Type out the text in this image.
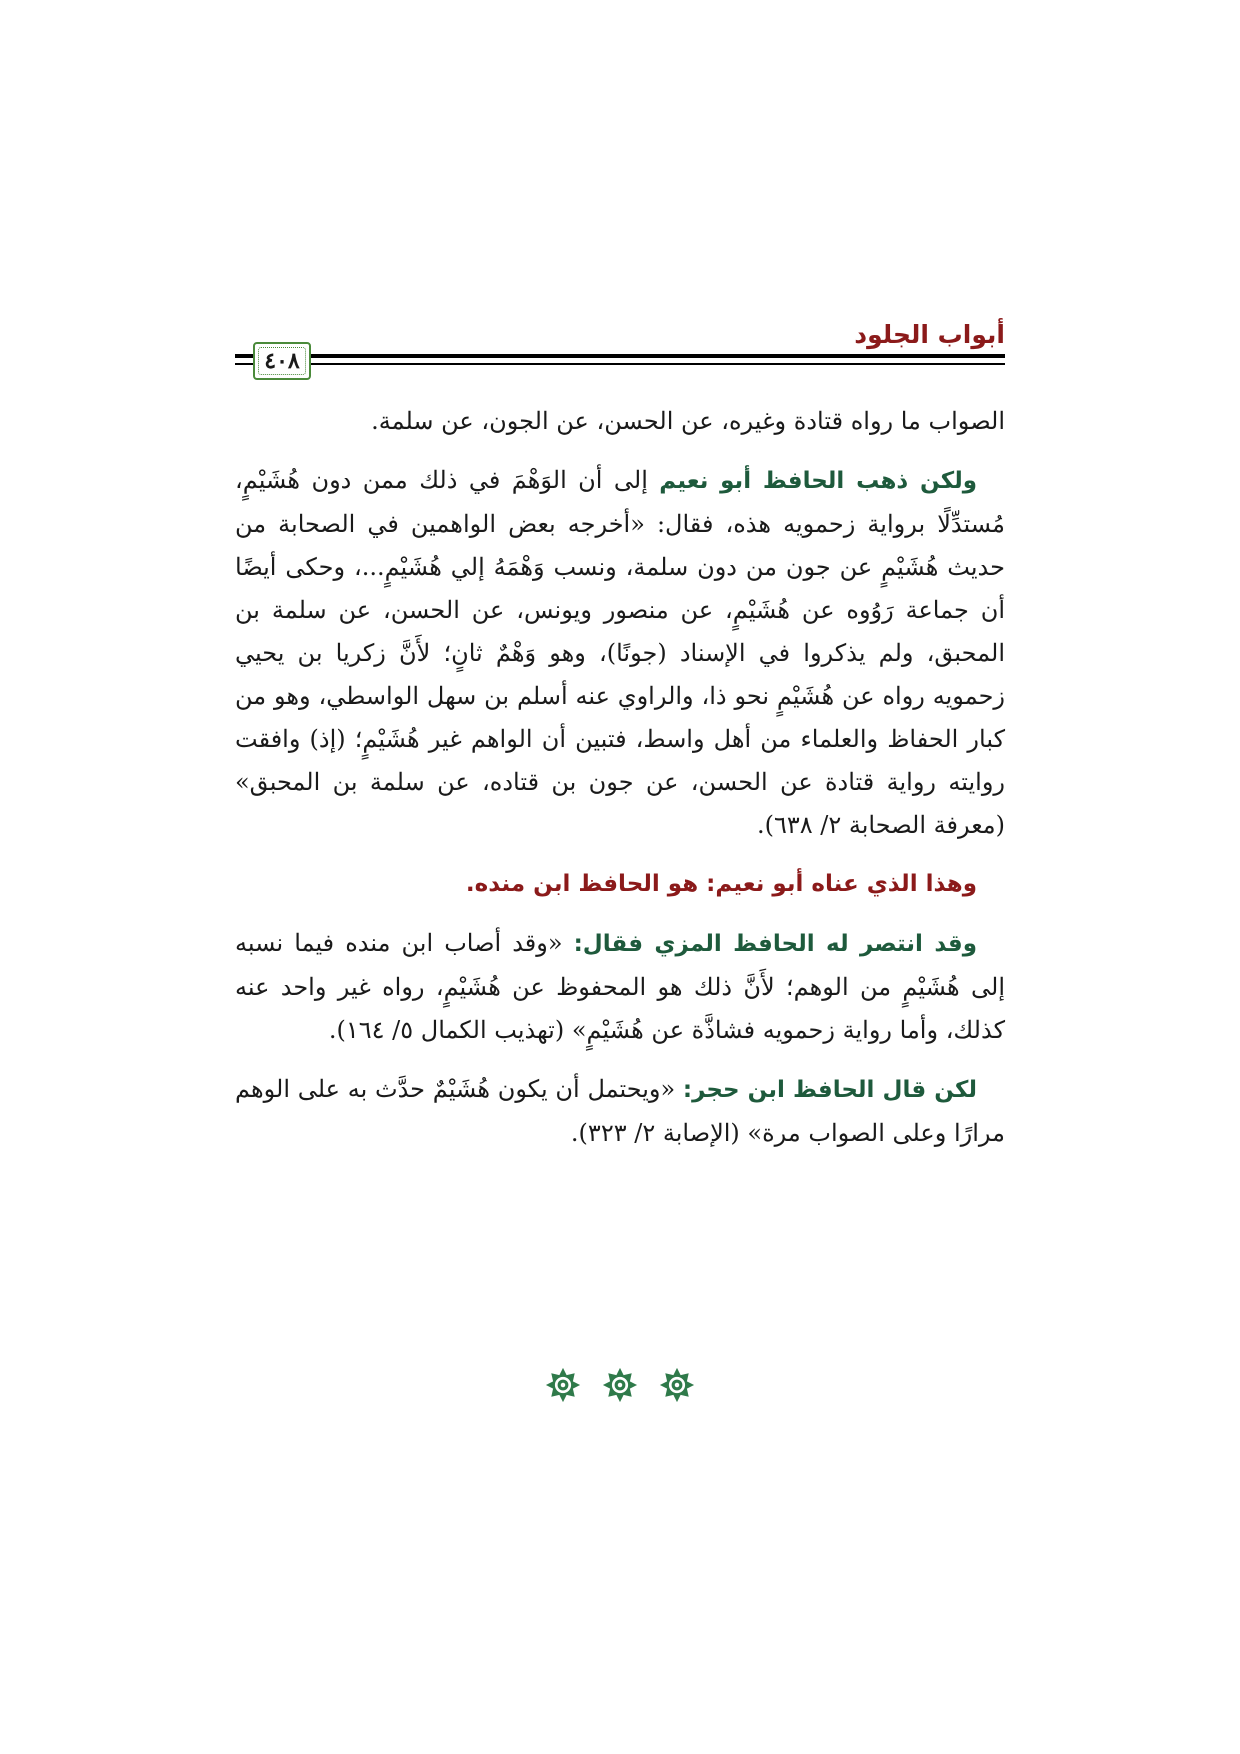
أبواب الجلود
٤٠٨

الصواب ما رواه قتادة وغيره، عن الحسن، عن الجون، عن سلمة.

ولكن ذهب الحافظ أبو نعيم إلى أن الوَهْمَ في ذلك ممن دون هُشَيْمٍ، مُستدِّلًا برواية زحمويه هذه، فقال: «أخرجه بعض الواهمين في الصحابة من حديث هُشَيْمٍ عن جون من دون سلمة، ونسب وَهْمَهُ إلي هُشَيْمٍ...، وحكى أيضًا أن جماعة رَوُوه عن هُشَيْمٍ، عن منصور ويونس، عن الحسن، عن سلمة بن المحبق، ولم يذكروا في الإسناد (جونًا)، وهو وَهْمٌ ثانٍ؛ لأَنَّ زكريا بن يحيي زحمويه رواه عن هُشَيْمٍ نحو ذا، والراوي عنه أسلم بن سهل الواسطي، وهو من كبار الحفاظ والعلماء من أهل واسط، فتبين أن الواهم غير هُشَيْمٍ؛ (إذ) وافقت روايته رواية قتادة عن الحسن، عن جون بن قتاده، عن سلمة بن المحبق» (معرفة الصحابة ٢/ ٦٣٨).

وهذا الذي عناه أبو نعيم: هو الحافظ ابن منده.

وقد انتصر له الحافظ المزي فقال: «وقد أصاب ابن منده فيما نسبه إلى هُشَيْمٍ من الوهم؛ لأَنَّ ذلك هو المحفوظ عن هُشَيْمٍ، رواه غير واحد عنه كذلك، وأما رواية زحمويه فشاذَّة عن هُشَيْمٍ» (تهذيب الكمال ٥/ ١٦٤).

لكن قال الحافظ ابن حجر: «ويحتمل أن يكون هُشَيْمٌ حدَّث به على الوهم مرارًا وعلى الصواب مرة» (الإصابة ٢/ ٣٢٣).
